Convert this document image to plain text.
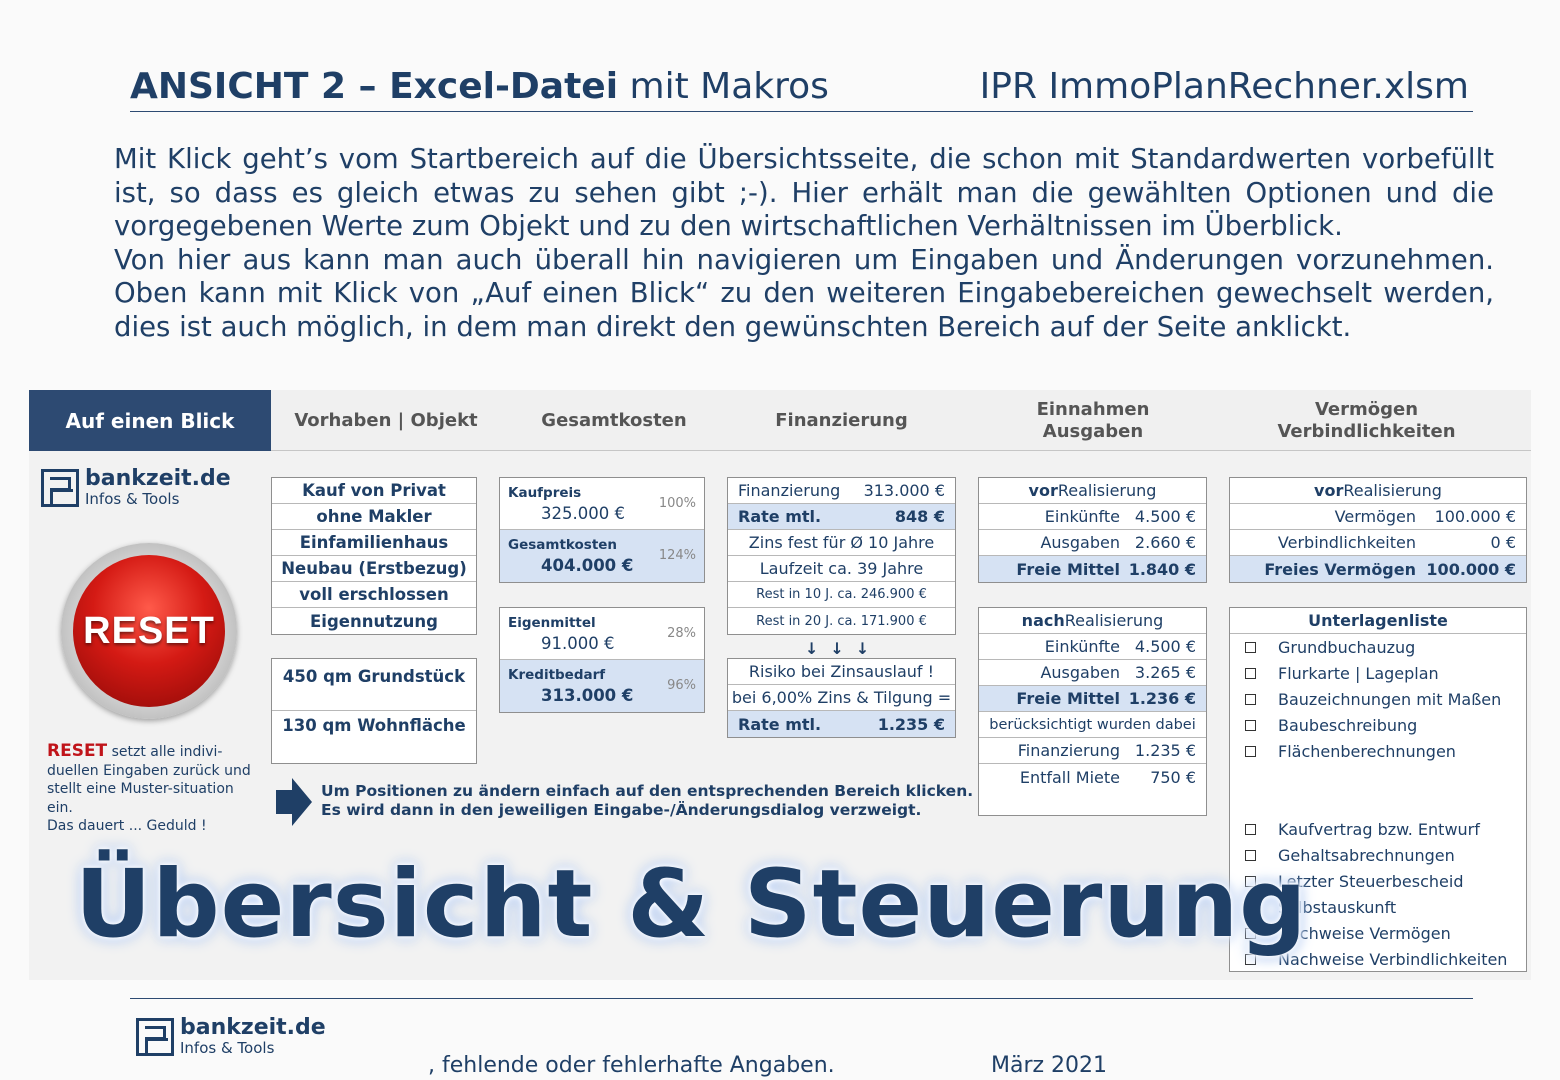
ANSICHT 2 – Excel-Datei mit Makros	IPR ImmoPlanRechner.xlsm

Mit Klick geht’s vom Startbereich auf die Übersichtsseite, die schon mit Standardwerten vorbefüllt ist, so dass es gleich etwas zu sehen gibt ;-). Hier erhält man die gewählten Optionen und die vorgegebenen Werte zum Objekt und zu den wirtschaftlichen Verhältnissen im Überblick.

Von hier aus kann man auch überall hin navigieren um Eingaben und Änderungen vorzunehmen. Oben kann mit Klick von „Auf einen Blick“ zu den weiteren Eingabebereichen gewechselt werden, dies ist auch möglich, in dem man direkt den gewünschten Bereich auf der Seite anklickt.

Auf einen Blick	Vorhaben | Objekt	Gesamtkosten	Finanzierung
Einnahmen
Ausgaben
Vermögen
Verbindlichkeiten
bankzeit.de
Infos & Tools
RESET
RESET setzt alle indivi-duellen Eingaben zurück und stellt eine Muster-situation ein.
Das dauert ... Geduld !
Kauf von Privat
ohne Makler
Einfamilienhaus
Neubau (Erstbezug)
voll erschlossen
Eigennutzung
450 qm Grundstück
130 qm Wohnfläche
Kaufpreis
325.000 €
100%
Gesamtkosten
404.000 €
124%
Eigenmittel
91.000 €
28%
Kreditbedarf
313.000 €
96%
Finanzierung 313.000 €
Rate mtl.	848 €
Zins fest für Ø 10 Jahre
Laufzeit ca. 39 Jahre
Rest in 10 J. ca. 246.900 €
Rest in 20 J. ca. 171.900 €
↓↓↓
Risiko bei Zinsauslauf !
bei 6,00% Zins & Tilgung =
Rate mtl.	1.235 €
vor Realisierung
Einkünfte 4.500 €
Ausgaben 2.660 €
Freie Mittel 1.840 €
nach Realisierung
Einkünfte 4.500 €
Ausgaben 3.265 €
Freie Mittel 1.236 €
berücksichtigt wurden dabei
Finanzierung 1.235 €
Entfall Miete 750 €
vor Realisierung
Vermögen 100.000 €
Verbindlichkeiten	0 €
Freies Vermögen 100.000 €
Unterlagenliste
Grundbuchauzug
Flurkarte | Lageplan
Bauzeichnungen mit Maßen
Baubeschreibung
Flächenberechnungen
Kaufvertrag bzw. Entwurf
Gehaltsabrechnungen
Letzter Steuerbescheid
Selbstauskunft
Nachweise Vermögen
Nachweise Verbindlichkeiten
Um Positionen zu ändern einfach auf den entsprechenden Bereich klicken.
Es wird dann in den jeweiligen Eingabe-/Änderungsdialog verzweigt.
Übersicht & Steuerung
bankzeit.de
Infos & Tools
, fehlende oder fehlerhafte Angaben.	März 2021
